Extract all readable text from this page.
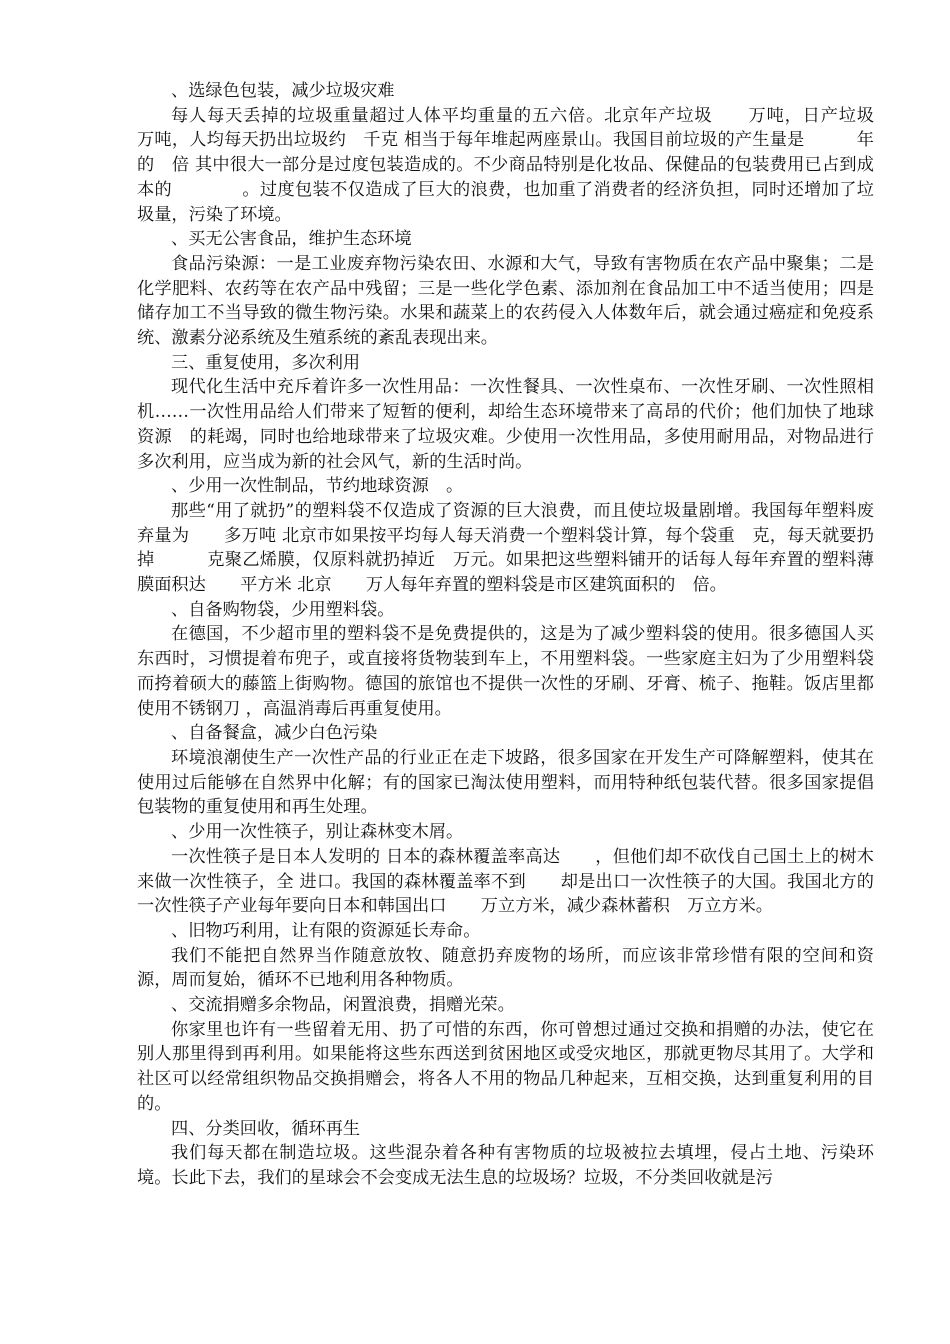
、选绿色包装，减少垃圾灾难

每人每天丢掉的垃圾重量超过人体平均重量的五六倍。北京年产垃圾　　万吨，日产垃圾　　万吨，人均每天扔出垃圾约　千克 相当于每年堆起两座景山。我国目前垃圾的产生量是　　　年的　倍 其中很大一部分是过度包装造成的。不少商品特别是化妆品、保健品的包装费用已占到成本的　　　　。过度包装不仅造成了巨大的浪费，也加重了消费者的经济负担，同时还增加了垃圾量，污染了环境。

、买无公害食品，维护生态环境

食品污染源：一是工业废弃物污染农田、水源和大气，导致有害物质在农产品中聚集；二是化学肥料、农药等在农产品中残留；三是一些化学色素、添加剂在食品加工中不适当使用；四是储存加工不当导致的微生物污染。水果和蔬菜上的农药侵入人体数年后，就会通过癌症和免疫系统、激素分泌系统及生殖系统的紊乱表现出来。

三、重复使用，多次利用

现代化生活中充斥着许多一次性用品：一次性餐具、一次性桌布、一次性牙刷、一次性照相机……一次性用品给人们带来了短暂的便利，却给生态环境带来了高昂的代价；他们加快了地球资源　的耗竭，同时也给地球带来了垃圾灾难。少使用一次性用品，多使用耐用品，对物品进行多次利用，应当成为新的社会风气，新的生活时尚。

、少用一次性制品，节约地球资源　。

那些“用了就扔”的塑料袋不仅造成了资源的巨大浪费，而且使垃圾量剧增。我国每年塑料废弃量为　　多万吨 北京市如果按平均每人每天消费一个塑料袋计算，每个袋重　克，每天就要扔掉　　　克聚乙烯膜，仅原料就扔掉近　万元。如果把这些塑料铺开的话每人每年弃置的塑料薄膜面积达　　平方米 北京　　万人每年弃置的塑料袋是市区建筑面积的　倍。

、自备购物袋，少用塑料袋。

在德国，不少超市里的塑料袋不是免费提供的，这是为了减少塑料袋的使用。很多德国人买东西时，习惯提着布兜子，或直接将货物装到车上，不用塑料袋。一些家庭主妇为了少用塑料袋而挎着硕大的藤篮上街购物。德国的旅馆也不提供一次性的牙刷、牙膏、梳子、拖鞋。饭店里都使用不锈钢刀 ，高温消毒后再重复使用。

、自备餐盒，减少白色污染

环境浪潮使生产一次性产品的行业正在走下坡路，很多国家在开发生产可降解塑料，使其在使用过后能够在自然界中化解；有的国家已淘汰使用塑料，而用特种纸包装代替。很多国家提倡包装物的重复使用和再生处理。

、少用一次性筷子，别让森林变木屑。

一次性筷子是日本人发明的 日本的森林覆盖率高达　　，但他们却不砍伐自己国土上的树木来做一次性筷子，全 进口。我国的森林覆盖率不到　　却是出口一次性筷子的大国。我国北方的一次性筷子产业每年要向日本和韩国出口　　万立方米，减少森林蓄积　万立方米。

、旧物巧利用，让有限的资源延长寿命。

我们不能把自然界当作随意放牧、随意扔弃废物的场所，而应该非常珍惜有限的空间和资源，周而复始，循环不已地利用各种物质。

、交流捐赠多余物品，闲置浪费，捐赠光荣。

你家里也许有一些留着无用、扔了可惜的东西，你可曾想过通过交换和捐赠的办法，使它在别人那里得到再利用。如果能将这些东西送到贫困地区或受灾地区，那就更物尽其用了。大学和社区可以经常组织物品交换捐赠会，将各人不用的物品几种起来，互相交换，达到重复利用的目的。

四、分类回收，循环再生

我们每天都在制造垃圾。这些混杂着各种有害物质的垃圾被拉去填埋，侵占土地、污染环境。长此下去，我们的星球会不会变成无法生息的垃圾场？垃圾，不分类回收就是污
